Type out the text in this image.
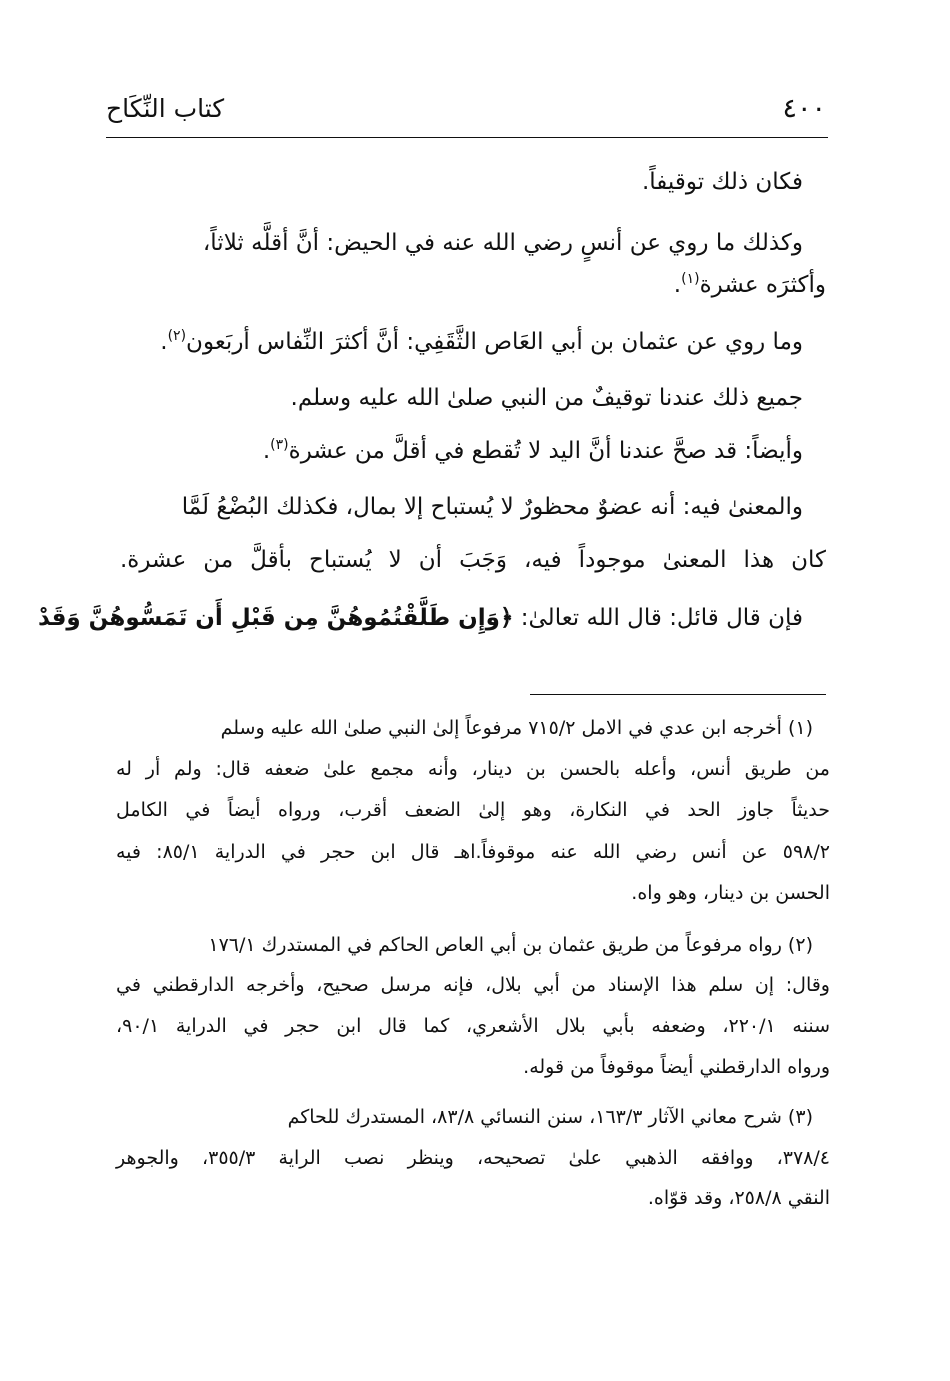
٤٠٠
كتاب النِّكَاح
فكان ذلك توقيفاً.
وكذلك ما روي عن أنسٍ رضي الله عنه في الحيض: أنَّ أقلَّه ثلاثاً،
وأكثرَه عشرة$^{(١)}$.
وما روي عن عثمان بن أبي العَاص الثَّقَفِي: أنَّ أكثرَ النِّفاس أربَعون$^{(٢)}$.
جميع ذلك عندنا توقيفٌ من النبي صلىٰ الله عليه وسلم.
وأيضاً: قد صحَّ عندنا أنَّ اليد لا تُقطع في أقلَّ من عشرة$^{(٣)}$.
والمعنىٰ فيه: أنه عضوٌ محظورٌ لا يُستباح إلا بمال، فكذلك البُضْعُ لَمَّا
كان هذا المعنىٰ موجوداً فيه، وَجَبَ أن لا يُستباح بأقلَّ من عشرة.
فإن قال قائل: قال الله تعالىٰ: ﴿وَإِن طَلَّقْتُمُوهُنَّ مِن قَبْلِ أَن تَمَسُّوهُنَّ وَقَدْ
(١) أخرجه ابن عدي في الامل ٧١٥/٢ مرفوعاً إلىٰ النبي صلىٰ الله عليه وسلم
من طريق أنس، وأعله بالحسن بن دينار، وأنه مجمع علىٰ ضعفه قال: ولم أر له
حديثاً جاوز الحد في النكارة، وهو إلىٰ الضعف أقرب، ورواه أيضاً في الكامل
٥٩٨/٢ عن أنس رضي الله عنه موقوفاً.اهـ قال ابن حجر في الدراية ٨٥/١: فيه
الحسن بن دينار، وهو واه.
(٢) رواه مرفوعاً من طريق عثمان بن أبي العاص الحاكم في المستدرك ١٧٦/١
وقال: إن سلم هذا الإسناد من أبي بلال، فإنه مرسل صحيح، وأخرجه الدارقطني في
سننه ٢٢٠/١، وضعفه بأبي بلال الأشعري، كما قال ابن حجر في الدراية ٩٠/١،
ورواه الدارقطني أيضاً موقوفاً من قوله.
(٣) شرح معاني الآثار ١٦٣/٣، سنن النسائي ٨٣/٨، المستدرك للحاكم
٣٧٨/٤، ووافقه الذهبي علىٰ تصحيحه، وينظر نصب الراية ٣٥٥/٣، والجوهر
النقي ٢٥٨/٨، وقد قوّاه.
